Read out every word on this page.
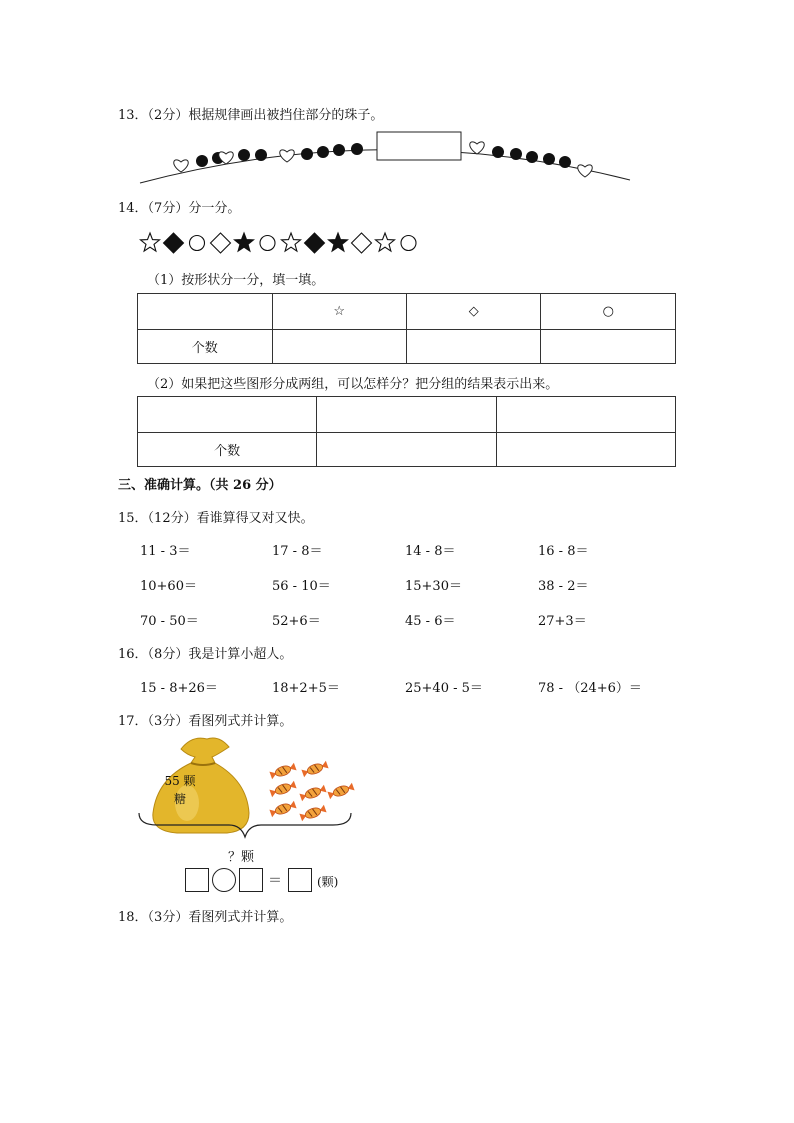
13．（2分）根据规律画出被挡住部分的珠子。
14．（7分）分一分。
（1）按形状分一分，填一填。
	☆	◇	○
个数			
（2）如果把这些图形分成两组，可以怎样分？把分组的结果表示出来。

个数		
三、准确计算。（共 26 分）
15．（12分）看谁算得又对又快。
11 - 3＝	17 - 8＝	14 - 8＝	16 - 8＝
10+60＝	56 - 10＝	15+30＝	38 - 2＝
70 - 50＝	52+6＝	45 - 6＝	27+3＝
16．（8分）我是计算小超人。
15 - 8+26＝	18+2+5＝	25+40 - 5＝	78 - （24+6）＝
17．（3分）看图列式并计算。
55 颗
糖
？颗
＝	(颗)
18．（3分）看图列式并计算。
